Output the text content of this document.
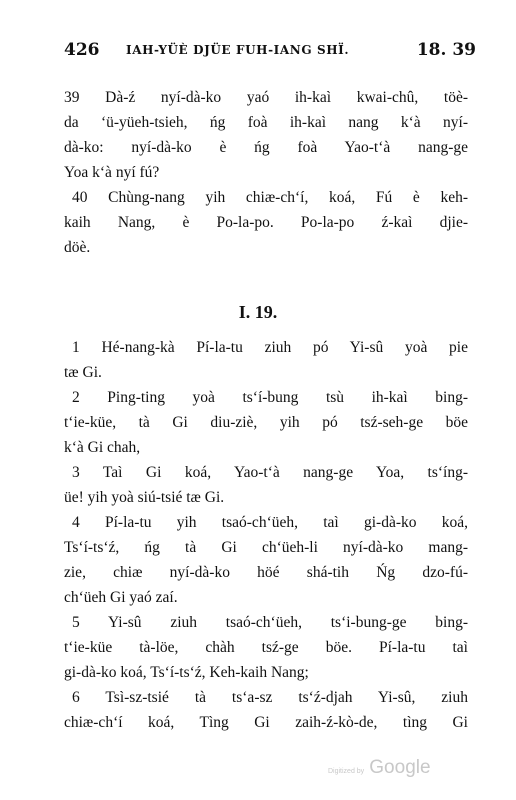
426 IAH-YÜÈ DJÜE FUH-IANG SHÏ.	18. 39
39 Dà-ź nyí-dà-ko yaó ih-kaì kwai-chû, töè-
da ‘ü-yüeh-tsieh, ńg foà ih-kaì nang k‘à nyí-
dà-ko: nyí-dà-ko è ńg foà Yao-t‘à nang-ge
Yoa k‘à nyí fú?
40 Chùng-nang yih chiæ-ch‘í, koá, Fú è keh-
kaih Nang, è Po-la-po. Po-la-po ź-kaì djie-
döè.
I. 19.
1 Hé-nang-kà Pí-la-tu ziuh pó Yi-sû yoà pie
tæ Gi.
2 Ping-ting yoà ts‘í-bung tsù ih-kaì bing-
t‘ie-küe, tà Gi diu-ziè, yih pó tsź-seh-ge böe
k‘à Gi chah,
3 Taì Gi koá, Yao-t‘à nang-ge Yoa, ts‘íng-
üe! yih yoà siú-tsié tæ Gi.
4 Pí-la-tu yih tsaó-ch‘üeh, taì gi-dà-ko koá,
Ts‘í-ts‘ź, ńg tà Gi ch‘üeh-li nyí-dà-ko mang-
zie, chiæ nyí-dà-ko höé shá-tih Ńg dzo-fú-
ch‘üeh Gi yaó zaí.
5 Yi-sû ziuh tsaó-ch‘üeh, ts‘i-bung-ge bing-
t‘ie-küe tà-löe, chàh tsź-ge böe. Pí-la-tu taì
gi-dà-ko koá, Ts‘í-ts‘ź, Keh-kaih Nang;
6 Tsì-sz-tsié tà ts‘a-sz ts‘ź-djah Yi-sû, ziuh
chiæ-ch‘í koá, Tìng Gi zaih-ź-kò-de, tìng Gi
Digitized by Google
